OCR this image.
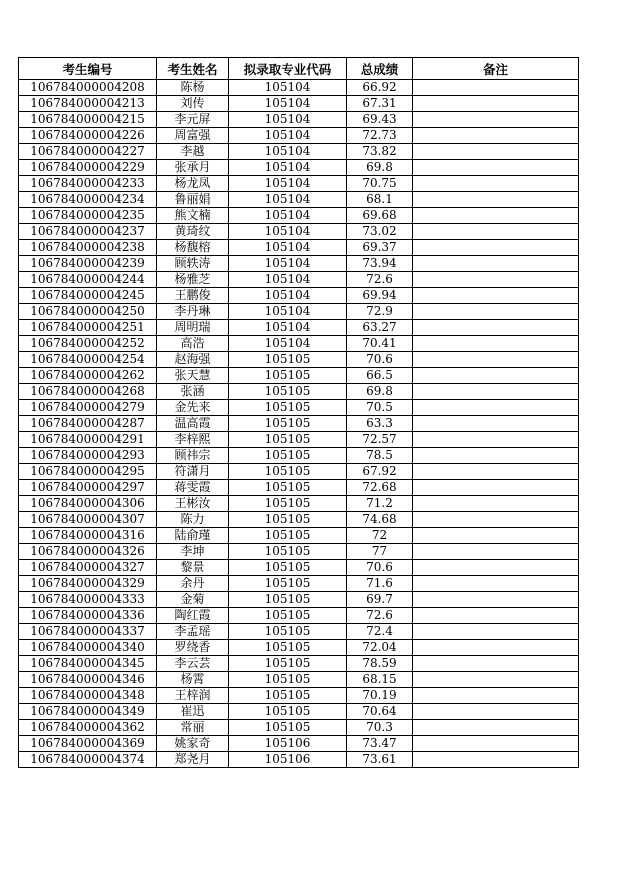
考生编号	考生姓名	拟录取专业代码	总成绩	备注
106784000004208	陈杨	105104	66.92	
106784000004213	刘传	105104	67.31	
106784000004215	李元屏	105104	69.43	
106784000004226	周富强	105104	72.73	
106784000004227	李越	105104	73.82	
106784000004229	张承月	105104	69.8	
106784000004233	杨龙凤	105104	70.75	
106784000004234	鲁丽娟	105104	68.1	
106784000004235	熊文楠	105104	69.68	
106784000004237	黄琦纹	105104	73.02	
106784000004238	杨馥榕	105104	69.37	
106784000004239	顾轶涛	105104	73.94	
106784000004244	杨雅芝	105104	72.6	
106784000004245	王鹏俊	105104	69.94	
106784000004250	李丹琳	105104	72.9	
106784000004251	周明瑞	105104	63.27	
106784000004252	高浩	105104	70.41	
106784000004254	赵海强	105105	70.6	
106784000004262	张天慧	105105	66.5	
106784000004268	张涵	105105	69.8	
106784000004279	金先来	105105	70.5	
106784000004287	温高霞	105105	63.3	
106784000004291	李梓熙	105105	72.57	
106784000004293	顾祎宗	105105	78.5	
106784000004295	符潇月	105105	67.92	
106784000004297	蒋雯霞	105105	72.68	
106784000004306	王彬汝	105105	71.2	
106784000004307	陈力	105105	74.68	
106784000004316	陆俞瑾	105105	72	
106784000004326	李坤	105105	77	
106784000004327	黎景	105105	70.6	
106784000004329	余丹	105105	71.6	
106784000004333	金菊	105105	69.7	
106784000004336	陶红霞	105105	72.6	
106784000004337	李孟瑶	105105	72.4	
106784000004340	罗绕香	105105	72.04	
106784000004345	李云芸	105105	78.59	
106784000004346	杨霄	105105	68.15	
106784000004348	王梓润	105105	70.19	
106784000004349	崔迅	105105	70.64	
106784000004362	常丽	105105	70.3	
106784000004369	姚家奇	105106	73.47	
106784000004374	郑尧月	105106	73.61	
